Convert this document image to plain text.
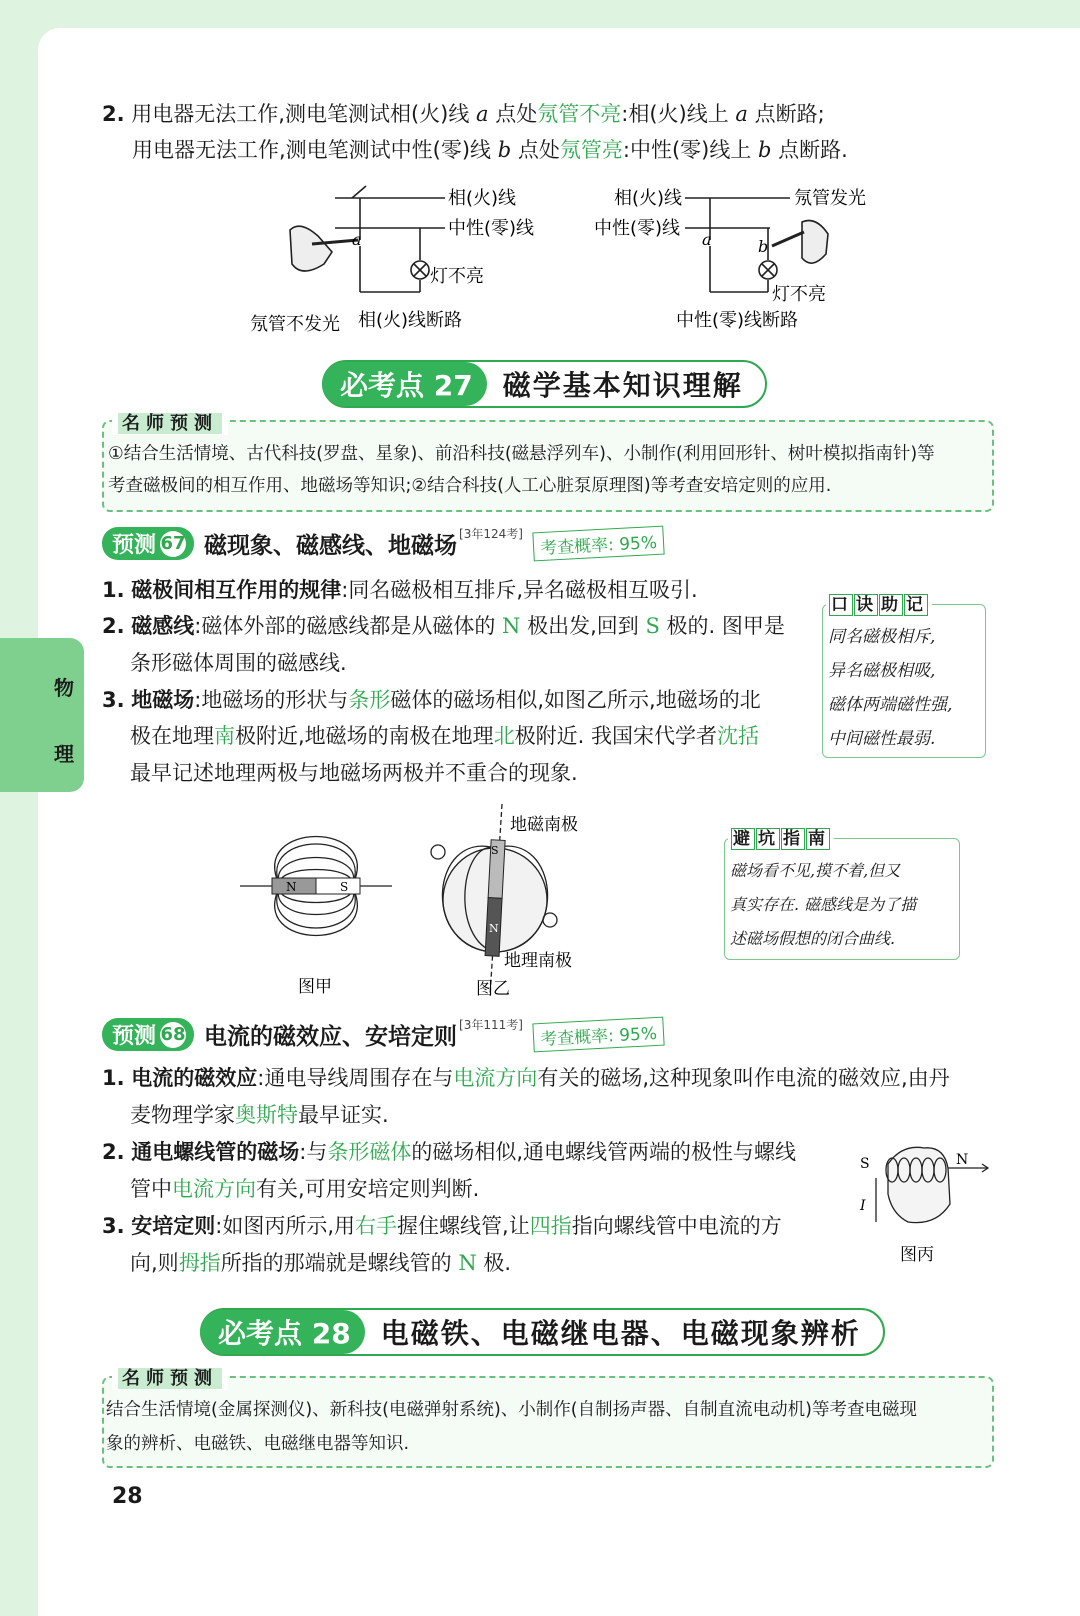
2. 用电器无法工作,测电笔测试相(火)线 a 点处氖管不亮:相(火)线上 a 点断路;
用电器无法工作,测电笔测试中性(零)线 b 点处氖管亮:中性(零)线上 b 点断路.
a
相(火)线
中性(零)线
灯不亮
氖管不发光 相(火)线断路
a	b
相(火)线
中性(零)线
氖管发光
灯不亮
中性(零)线断路
必考点 27	磁学基本知识理解
名师预测
①结合生活情境、古代科技(罗盘、星象)、前沿科技(磁悬浮列车)、小制作(利用回形针、树叶模拟指南针)等
考查磁极间的相互作用、地磁场等知识;②结合科技(人工心脏泵原理图)等考查安培定则的应用.
预测 67 磁现象、磁感线、地磁场 [3年124考] 考查概率: 95%
物
理
1. 磁极间相互作用的规律:同名磁极相互排斥,异名磁极相互吸引.
2. 磁感线:磁体外部的磁感线都是从磁体的 N 极出发,回到 S 极的. 图甲是
条形磁体周围的磁感线.
3. 地磁场:地磁场的形状与条形磁体的磁场相似,如图乙所示,地磁场的北
极在地理南极附近,地磁场的南极在地理北极附近. 我国宋代学者沈括
最早记述地理两极与地磁场两极并不重合的现象.
口 诀 助 记
同名磁极相斥,
异名磁极相吸,
磁体两端磁性强,
中间磁性最弱.
N	S
图甲
S
N
地磁南极
地理南极
图乙
避 坑 指 南
磁场看不见,摸不着,但又
真实存在. 磁感线是为了描
述磁场假想的闭合曲线.
预测 68 电流的磁效应、安培定则 [3年111考] 考查概率: 95%
1. 电流的磁效应:通电导线周围存在与电流方向有关的磁场,这种现象叫作电流的磁效应,由丹
麦物理学家奥斯特最早证实.
2. 通电螺线管的磁场:与条形磁体的磁场相似,通电螺线管两端的极性与螺线
管中电流方向有关,可用安培定则判断.
3. 安培定则:如图丙所示,用右手握住螺线管,让四指指向螺线管中电流的方
向,则拇指所指的那端就是螺线管的 N 极.
S	N
I
图丙
必考点 28	电磁铁、电磁继电器、电磁现象辨析
名师预测
结合生活情境(金属探测仪)、新科技(电磁弹射系统)、小制作(自制扬声器、自制直流电动机)等考查电磁现
象的辨析、电磁铁、电磁继电器等知识.
28
